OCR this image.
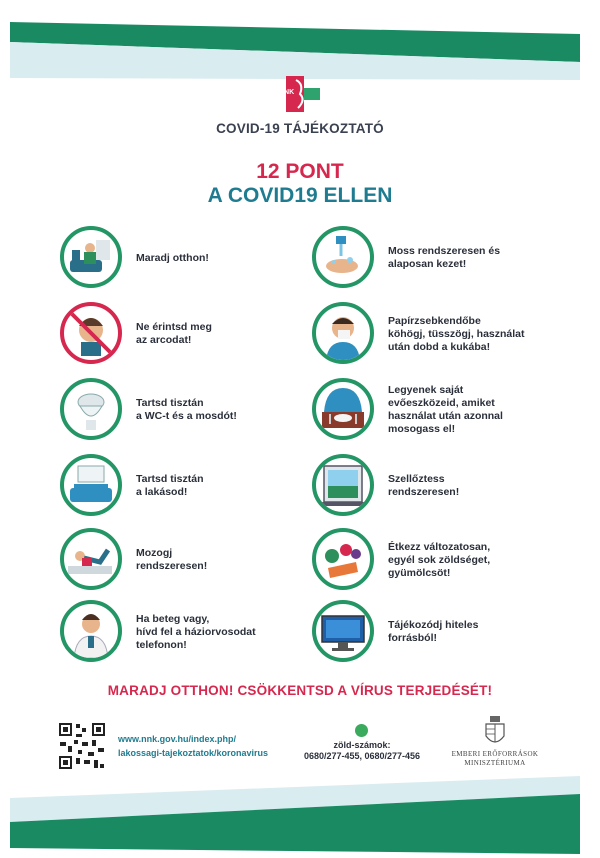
NNK
COVID-19 TÁJÉKOZTATÓ
12 PONT
A COVID19 ELLEN
Maradj otthon!
Ne érintsd meg
az arcodat!
Tartsd tisztán
a WC-t és a mosdót!
Tartsd tisztán
a lakásod!
Mozogj
rendszeresen!
Ha beteg vagy,
hívd fel a háziorvosodat
telefonon!
Moss rendszeresen és
alaposan kezet!
Papírzsebkendőbe
köhögj, tüsszögj, használat
után dobd a kukába!
Legyenek saját
evőeszközeid, amiket
használat után azonnal
mosogass el!
Szellőztess
rendszeresen!
Étkezz változatosan,
egyél sok zöldséget,
gyümölcsöt!
Tájékozódj hiteles
forrásból!
MARADJ OTTHON! CSÖKKENTSD A VÍRUS TERJEDÉSÉT!
www.nnk.gov.hu/index.php/
lakossagi-tajekoztatok/koronavirus
zöld-számok:
0680/277-455, 0680/277-456	EMBERI ERŐFORRÁSOK
MINISZTÉRIUMA
